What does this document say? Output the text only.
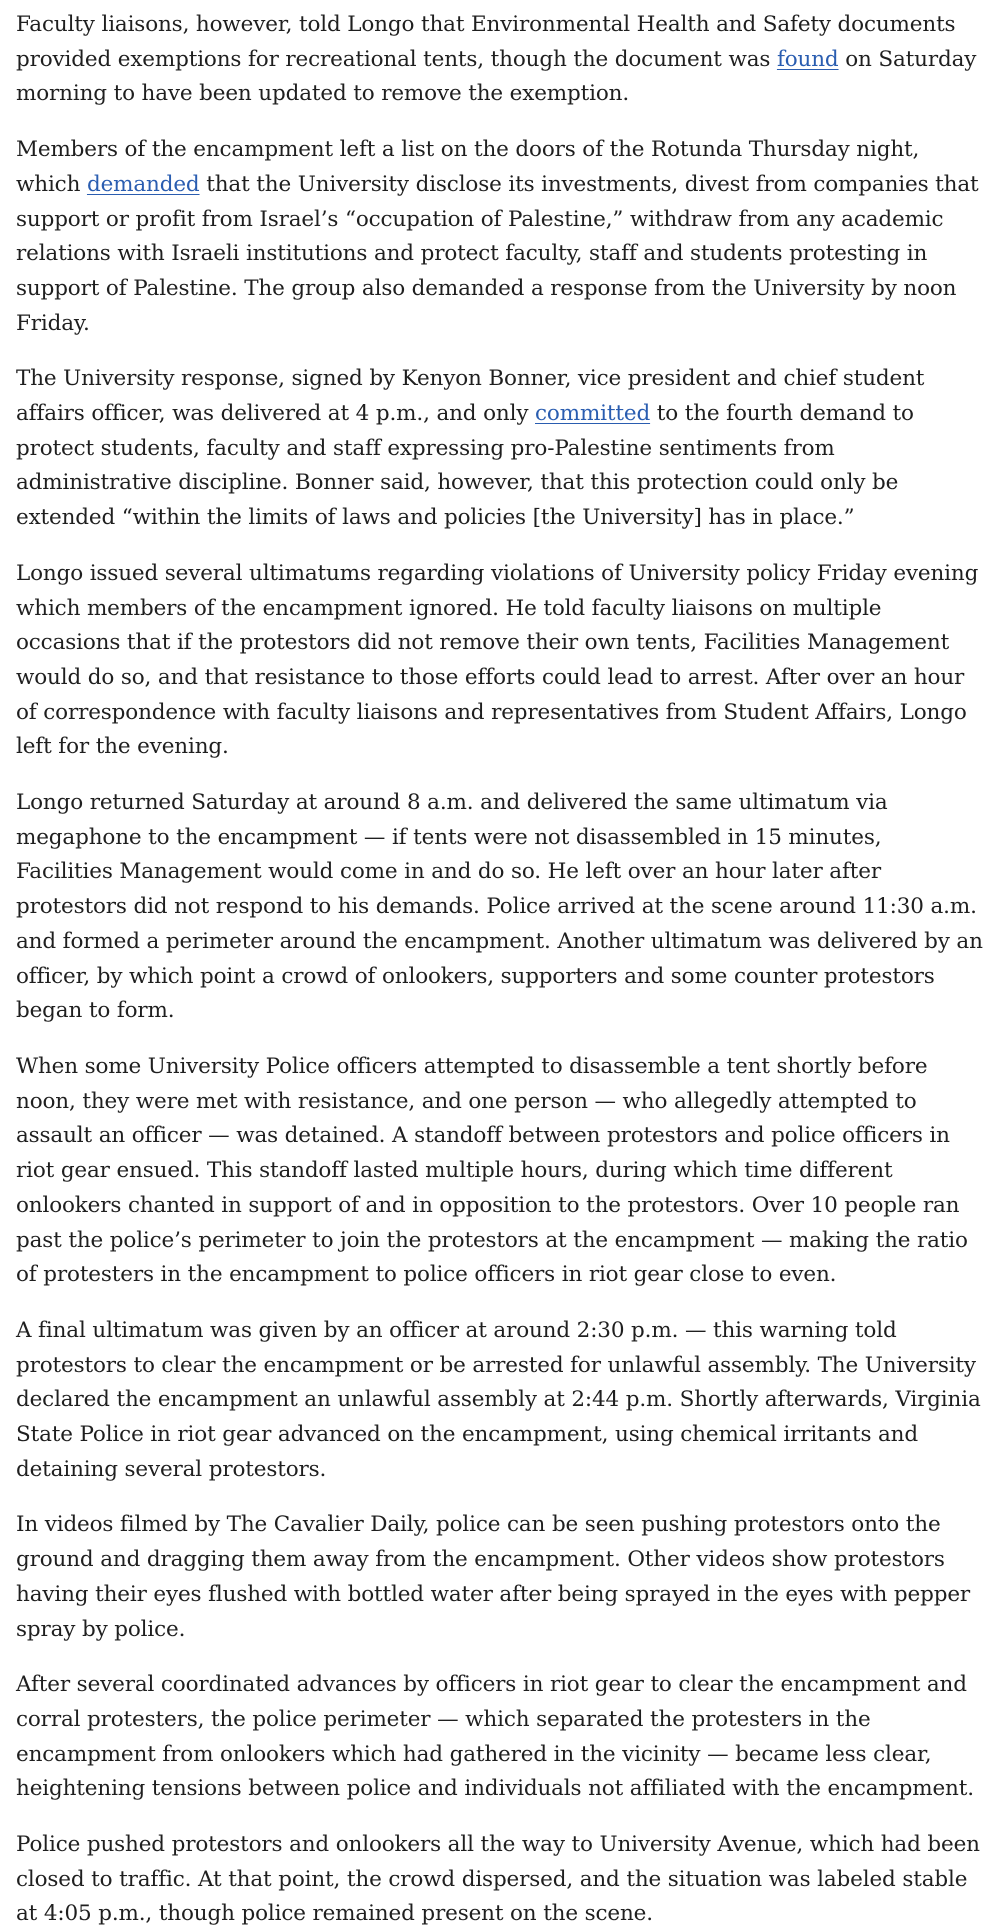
Faculty liaisons, however, told Longo that Environmental Health and Safety documents provided exemptions for recreational tents, though the document was found on Saturday morning to have been updated to remove the exemption.

Members of the encampment left a list on the doors of the Rotunda Thursday night, which demanded that the University disclose its investments, divest from companies that support or profit from Israel’s “occupation of Palestine,” withdraw from any academic relations with Israeli institutions and protect faculty, staff and students protesting in support of Palestine. The group also demanded a response from the University by noon Friday.

The University response, signed by Kenyon Bonner, vice president and chief student affairs officer, was delivered at 4 p.m., and only committed to the fourth demand to protect students, faculty and staff expressing pro-Palestine sentiments from administrative discipline. Bonner said, however, that this protection could only be extended “within the limits of laws and policies [the University] has in place.”

Longo issued several ultimatums regarding violations of University policy Friday evening which members of the encampment ignored. He told faculty liaisons on multiple occasions that if the protestors did not remove their own tents, Facilities Management would do so, and that resistance to those efforts could lead to arrest. After over an hour of correspondence with faculty liaisons and representatives from Student Affairs, Longo left for the evening.

Longo returned Saturday at around 8 a.m. and delivered the same ultimatum via megaphone to the encampment — if tents were not disassembled in 15 minutes, Facilities Management would come in and do so. He left over an hour later after protestors did not respond to his demands. Police arrived at the scene around 11:30 a.m. and formed a perimeter around the encampment. Another ultimatum was delivered by an officer, by which point a crowd of onlookers, supporters and some counter protestors began to form.

When some University Police officers attempted to disassemble a tent shortly before noon, they were met with resistance, and one person — who allegedly attempted to assault an officer — was detained. A standoff between protestors and police officers in riot gear ensued. This standoff lasted multiple hours, during which time different onlookers chanted in support of and in opposition to the protestors. Over 10 people ran past the police’s perimeter to join the protestors at the encampment — making the ratio of protesters in the encampment to police officers in riot gear close to even.

A final ultimatum was given by an officer at around 2:30 p.m. — this warning told protestors to clear the encampment or be arrested for unlawful assembly. The University declared the encampment an unlawful assembly at 2:44 p.m. Shortly afterwards, Virginia State Police in riot gear advanced on the encampment, using chemical irritants and detaining several protestors.

In videos filmed by The Cavalier Daily, police can be seen pushing protestors onto the ground and dragging them away from the encampment. Other videos show protestors having their eyes flushed with bottled water after being sprayed in the eyes with pepper spray by police.

After several coordinated advances by officers in riot gear to clear the encampment and corral protesters, the police perimeter — which separated the protesters in the encampment from onlookers which had gathered in the vicinity — became less clear, heightening tensions between police and individuals not affiliated with the encampment.

Police pushed protestors and onlookers all the way to University Avenue, which had been closed to traffic. At that point, the crowd dispersed, and the situation was labeled stable at 4:05 p.m., though police remained present on the scene.
